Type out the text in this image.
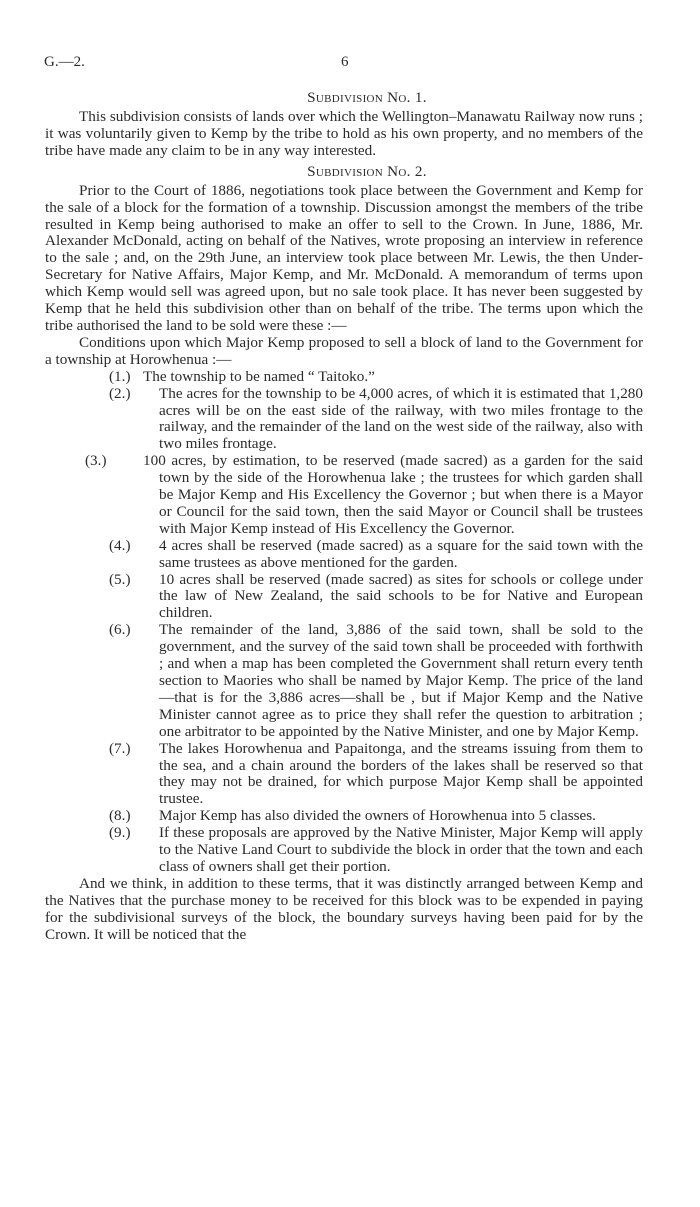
G.—2.	6
Subdivision No. 1.

This subdivision consists of lands over which the Wellington–Manawatu Railway now runs ; it was voluntarily given to Kemp by the tribe to hold as his own property, and no members of the tribe have made any claim to be in any way interested.

Subdivision No. 2.

Prior to the Court of 1886, negotiations took place between the Government and Kemp for the sale of a block for the formation of a township. Discussion amongst the members of the tribe resulted in Kemp being authorised to make an offer to sell to the Crown. In June, 1886, Mr. Alexander McDonald, acting on behalf of the Natives, wrote proposing an interview in reference to the sale ; and, on the 29th June, an interview took place between Mr. Lewis, the then Under-Secretary for Native Affairs, Major Kemp, and Mr. McDonald. A memorandum of terms upon which Kemp would sell was agreed upon, but no sale took place. It has never been suggested by Kemp that he held this subdivision other than on behalf of the tribe. The terms upon which the tribe authorised the land to be sold were these :—

Conditions upon which Major Kemp proposed to sell a block of land to the Government for a township at Horowhenua :—

(1.) The township to be named “ Taitoko.”
(2.)	The acres for the township to be 4,000 acres, of which it is estimated that 1,280 acres will be on the east side of the railway, with two miles frontage to the railway, and the remainder of the land on the west side of the railway, also with two miles frontage.
(3.) 100 acres, by estimation, to be reserved (made sacred) as a garden for the said town by the side of the Horowhenua lake ; the trustees for which garden shall be Major Kemp and His Excellency the Governor ; but when there is a Mayor or Council for the said town, then the said Mayor or Council shall be trustees with Major Kemp instead of His Excellency the Governor.
(4.)	4 acres shall be reserved (made sacred) as a square for the said town with the same trustees as above mentioned for the garden.
(5.)	10 acres shall be reserved (made sacred) as sites for schools or college under the law of New Zealand, the said schools to be for Native and European children.
(6.)	The remainder of the land, 3,886 of the said town, shall be sold to the government, and the survey of the said town shall be proceeded with forthwith ; and when a map has been completed the Government shall return every tenth section to Maories who shall be named by Major Kemp. The price of the land—that is for the 3,886 acres—shall be , but if Major Kemp and the Native Minister cannot agree as to price they shall refer the question to arbitration ; one arbitrator to be appointed by the Native Minister, and one by Major Kemp.
(7.)	The lakes Horowhenua and Papaitonga, and the streams issuing from them to the sea, and a chain around the borders of the lakes shall be reserved so that they may not be drained, for which purpose Major Kemp shall be appointed trustee.
(8.)	Major Kemp has also divided the owners of Horowhenua into 5 classes.
(9.)	If these proposals are approved by the Native Minister, Major Kemp will apply to the Native Land Court to subdivide the block in order that the town and each class of owners shall get their portion.

And we think, in addition to these terms, that it was distinctly arranged between Kemp and the Natives that the purchase money to be received for this block was to be expended in paying for the subdivisional surveys of the block, the boundary surveys having been paid for by the Crown. It will be noticed that the
